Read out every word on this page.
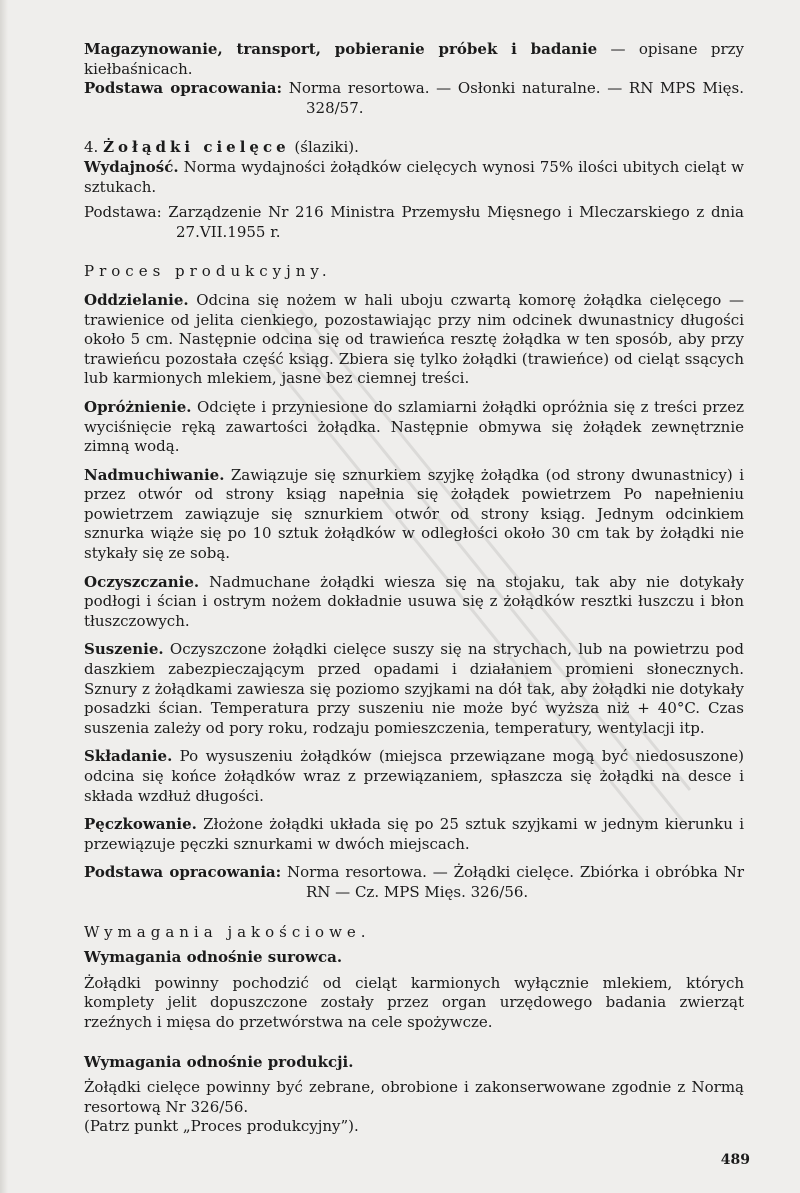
Magazynowanie, transport, pobieranie próbek i badanie — opisane przy kiełbaśnicach.

Podstawa opracowania: Norma resortowa. — Osłonki naturalne. — RN MPS Mięs. 328/57.

4. Żołądki cielęce (ślaziki).

Wydajność. Norma wydajności żołądków cielęcych wynosi 75% ilości ubitych cieląt w sztukach.

Podstawa: Zarządzenie Nr 216 Ministra Przemysłu Mięsnego i Mleczarskiego z dnia 27.VII.1955 r.

Proces produkcyjny.

Oddzielanie. Odcina się nożem w hali uboju czwartą komorę żołądka cielęcego — trawienice od jelita cienkiego, pozostawiając przy nim odcinek dwunastnicy długości około 5 cm. Następnie odcina się od trawieńca resztę żołądka w ten sposób, aby przy trawieńcu pozostała część ksiąg. Zbiera się tylko żołądki (trawieńce) od cieląt ssących lub karmionych mlekiem, jasne bez ciemnej treści.

Opróżnienie. Odcięte i przyniesione do szlamiarni żołądki opróżnia się z treści przez wyciśnięcie ręką zawartości żołądka. Następnie obmywa się żołądek zewnętrznie zimną wodą.

Nadmuchiwanie. Zawiązuje się sznurkiem szyjkę żołądka (od strony dwunastnicy) i przez otwór od strony ksiąg napełnia się żołądek powietrzem Po napełnieniu powietrzem zawiązuje się sznurkiem otwór od strony ksiąg. Jednym odcinkiem sznurka wiąże się po 10 sztuk żołądków w odległości około 30 cm tak by żołądki nie stykały się ze sobą.

Oczyszczanie. Nadmuchane żołądki wiesza się na stojaku, tak aby nie dotykały podłogi i ścian i ostrym nożem dokładnie usuwa się z żołądków resztki łuszczu i błon tłuszczowych.

Suszenie. Oczyszczone żołądki cielęce suszy się na strychach, lub na powietrzu pod daszkiem zabezpieczającym przed opadami i działaniem promieni słonecznych. Sznury z żołądkami zawiesza się poziomo szyjkami na dół tak, aby żołądki nie dotykały posadzki ścian. Temperatura przy suszeniu nie może być wyższa niż + 40°C. Czas suszenia zależy od pory roku, rodzaju pomieszczenia, temperatury, wentylacji itp.

Składanie. Po wysuszeniu żołądków (miejsca przewiązane mogą być niedosuszone) odcina się końce żołądków wraz z przewiązaniem, spłaszcza się żołądki na desce i składa wzdłuż długości.

Pęczkowanie. Złożone żołądki układa się po 25 sztuk szyjkami w jednym kierunku i przewiązuje pęczki sznurkami w dwóch miejscach.

Podstawa opracowania: Norma resortowa. — Żołądki cielęce. Zbiórka i obróbka Nr RN — Cz. MPS Mięs. 326/56.

Wymagania jakościowe.

Wymagania odnośnie surowca.

Żołądki powinny pochodzić od cieląt karmionych wyłącznie mlekiem, których komplety jelit dopuszczone zostały przez organ urzędowego badania zwierząt rzeźnych i mięsa do przetwórstwa na cele spożywcze.

Wymagania odnośnie produkcji.

Żołądki cielęce powinny być zebrane, obrobione i zakonserwowane zgodnie z Normą resortową Nr 326/56.

(Patrz punkt „Proces produkcyjny”).

489
